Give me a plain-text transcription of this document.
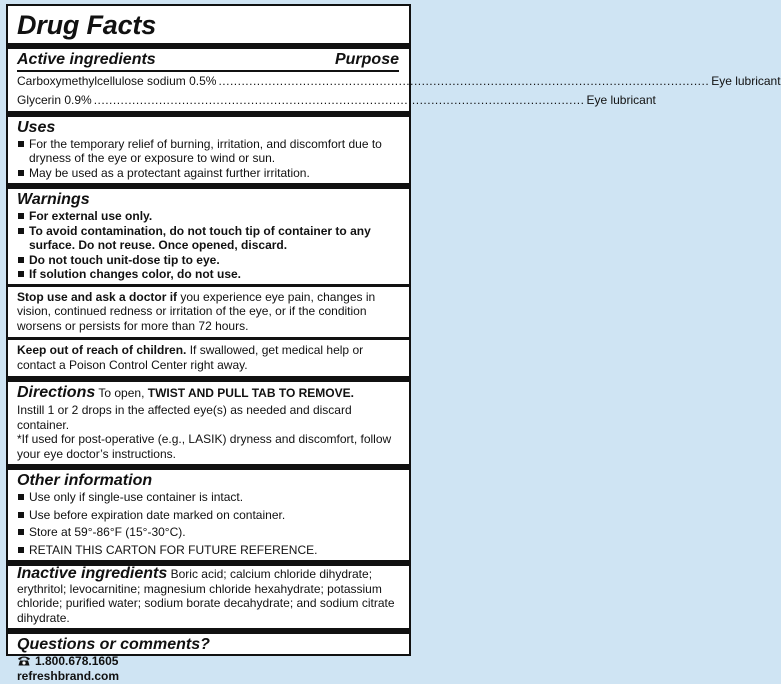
Drug Facts
Active ingredients	Purpose
Carboxymethylcellulose sodium 0.5% .....	Eye lubricant
Glycerin 0.9% .....	Eye lubricant
Uses
For the temporary relief of burning, irritation, and discomfort due to dryness of the eye or exposure to wind or sun.
May be used as a protectant against further irritation.
Warnings
For external use only.
To avoid contamination, do not touch tip of container to any surface. Do not reuse. Once opened, discard.
Do not touch unit-dose tip to eye.
If solution changes color, do not use.

Stop use and ask a doctor if you experience eye pain, changes in vision, continued redness or irritation of the eye, or if the condition worsens or persists for more than 72 hours.

Keep out of reach of children. If swallowed, get medical help or contact a Poison Control Center right away.

Directions To open, TWIST AND PULL TAB TO REMOVE.

Instill 1 or 2 drops in the affected eye(s) as needed and discard container.

*If used for post-operative (e.g., LASIK) dryness and discomfort, follow your eye doctor’s instructions.

Other information
Use only if single-use container is intact.
Use before expiration date marked on container.
Store at 59°-86°F (15°-30°C).
RETAIN THIS CARTON FOR FUTURE REFERENCE.

Inactive ingredients Boric acid; calcium chloride dihydrate; erythritol; levocarnitine; magnesium chloride hexahydrate; potassium chloride; purified water; sodium borate decahydrate; and sodium citrate dihydrate.

Questions or comments?
1.800.678.1605
refreshbrand.com
